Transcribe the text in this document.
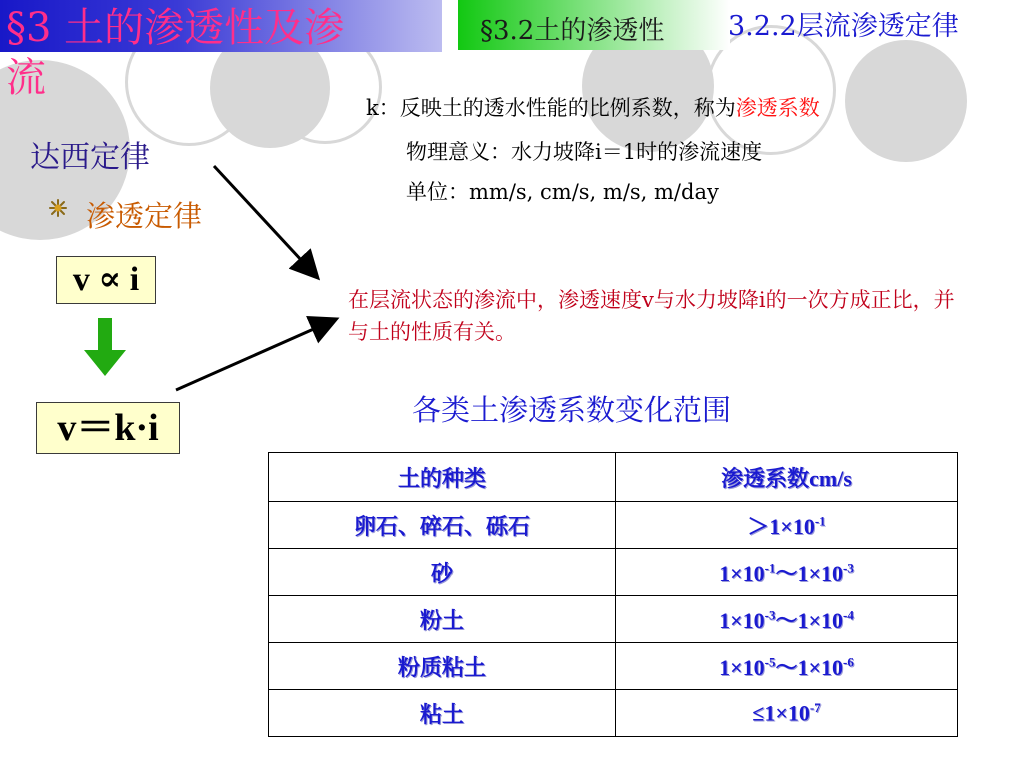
§3 土的渗透性及渗
流
§3.2土的渗透性 3.2.2层流渗透定律
达西定律
渗透定律
v ∝ i
v＝k·i
k：反映土的透水性能的比例系数，称为渗透系数
物理意义：水力坡降i＝1时的渗流速度
单位：mm/s, cm/s, m/s, m/day
在层流状态的渗流中，渗透速度v与水力坡降i的一次方成正比，并与土的性质有关。
各类土渗透系数变化范围
土的种类	渗透系数cm/s
卵石、碎石、砾石	$>1\times 10^{-1}$
砂	$1\times 10^{-1}\sim 1\times 10^{-3}$
粉土	$1\times 10^{-3}\sim 1\times 10^{-4}$
粉质粘土	$1\times 10^{-5}\sim 1\times 10^{-6}$
粘土	$\le 1\times 10^{-7}$
